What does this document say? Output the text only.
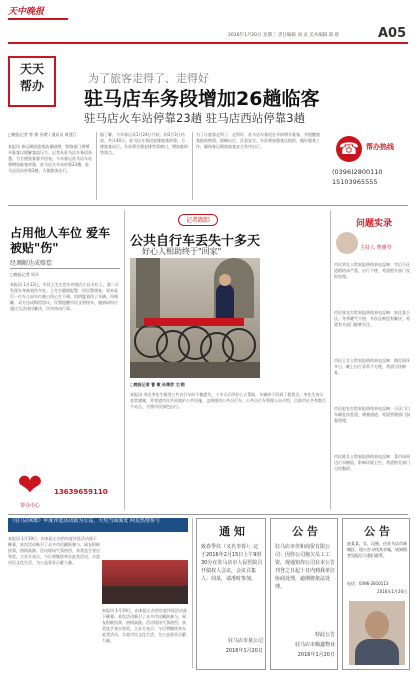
天中晚报
2016年1月20日 星期三 责任编辑 刘 灵 美术编辑 邵 蔡	A05
天天
帮办
为了旅客走得了、走得好
驻马店车务段增加26趟临客
驻马店火车站停靠23趟 驻马店西站停靠3趟
□晚报记者 曾 敏 孙增 / 通讯员 耿建江
本报讯 春运期间旅客流量剧增，铁路部门将增开临客以缓解客流压力。记者从驻马店车务段获悉，为方便旅客春节回家，今年春运驻马店车站将增加临客停靠，驻马店火车站停靠23趟，驻马店西站停靠3趟，方便旅客出行。
据了解，今年春运从1月24日开始，到3月3日结束，共计40天。驻马店车务段安排临客停靠，方便旅客出行。车站将合理安排售票窗口，增加临时售票点。
为了让旅客走得了、走得好，驻马店车务段在节前增开临客，并提醒旅客提前购票，错峰出行，注意安全。车站将加强客运组织，做好服务工作，确保春运期间旅客安全有序出行。	☎	帮办热线
(0396)2800110
15103965555
占用他人车位 爱车被贴"伤"
经调解达成赔偿
□晚报记者 周辛
本报讯 1月12日，市民王先生把车停放在小区车位上，第二天发现车身被划伤多处。王先生随即报警，经民警调查，原来是另一位车主因车位被占用心生不满，用钥匙划伤了车辆。经调解，双方达成赔偿协议。民警提醒市民文明停车，遇到纠纷应通过合法途径解决，切勿冲动行事。
❤
帮办中心
13639659110
记者跟踪
公共自行车丢失十多天
好心人相助终于"回家"
□晚报记者 曹 敏 孙增彦 文/图
本报讯 市民李先生使用公共自行车时不慎遗失，十多天后经好心人帮助，车辆终于回到了租赁点。李先生表示非常感谢，并希望市民共同爱护公共设施，文明使用公共自行车。公共自行车管理人员介绍，目前市区共有数百个站点，方便市民绿色出行。
问题实录
主持人 曹雅琴
市民刘女士给本报热线来电反映：雪后小区道路结冰严重，出行不便，希望相关部门及时处理。
市民张先生给本报热线来电反映：家住某小区，冬季暖气不热，多次反映没有解决，希望有关部门能够关注。
市民王女士给本报热线来电反映：路灯损坏多日，晚上出行非常不方便，希望尽快修复。
市民赵先生给本报热线来电反映：小区门口车辆乱停乱放，堵塞通道，希望管理部门加强管理。
市民陈女士给本报热线来电反映：菜市场周边污水横流，影响环境卫生，希望相关部门尽快整改。
《驻马店K歌》年度评选活动致为公益，大奖当面颁发 网友热情参与
本报讯 1月19日，由本报主办的年度评选活动落下帷幕，本次活动吸引了众多市民踊跃参与，网友积极投票，热情高涨。活动现场气氛热烈，获奖选手登台领奖。主办方表示，今后将继续举办此类活动，丰富市民文化生活，为公益事业贡献力量。
本报讯 1月19日，由本报主办的年度评选活动落下帷幕，本次活动吸引了众多市民踊跃参与，网友积极投票，热情高涨。活动现场气氛热烈，获奖选手登台领奖。主办方表示，今后将继续举办此类活动，丰富市民文化生活，为公益事业贡献力量。
通 知
致春季仪（又名李春）：定于2016年2月15日上午9时30分在驻马店市人民医院召开债权人会议，会议召集人：周某，请准时参加。
驻马店市某公司
2016年1月20日
公 告
驻马店市佳和商贸有限公司：因你公司拖欠员工工资，现通知你公司在本公告刊登之日起十日内到我单位协商处理，逾期将依法处理。
特此公告
驻马店市腾鑫物业
2016年1月20日
公 告
赵某某，女，汉族，住驻马店市驿城区。现公告寻找其亲属，请知情者见报后与我们联系。
电话：0396-2810113
2016年1月20日
